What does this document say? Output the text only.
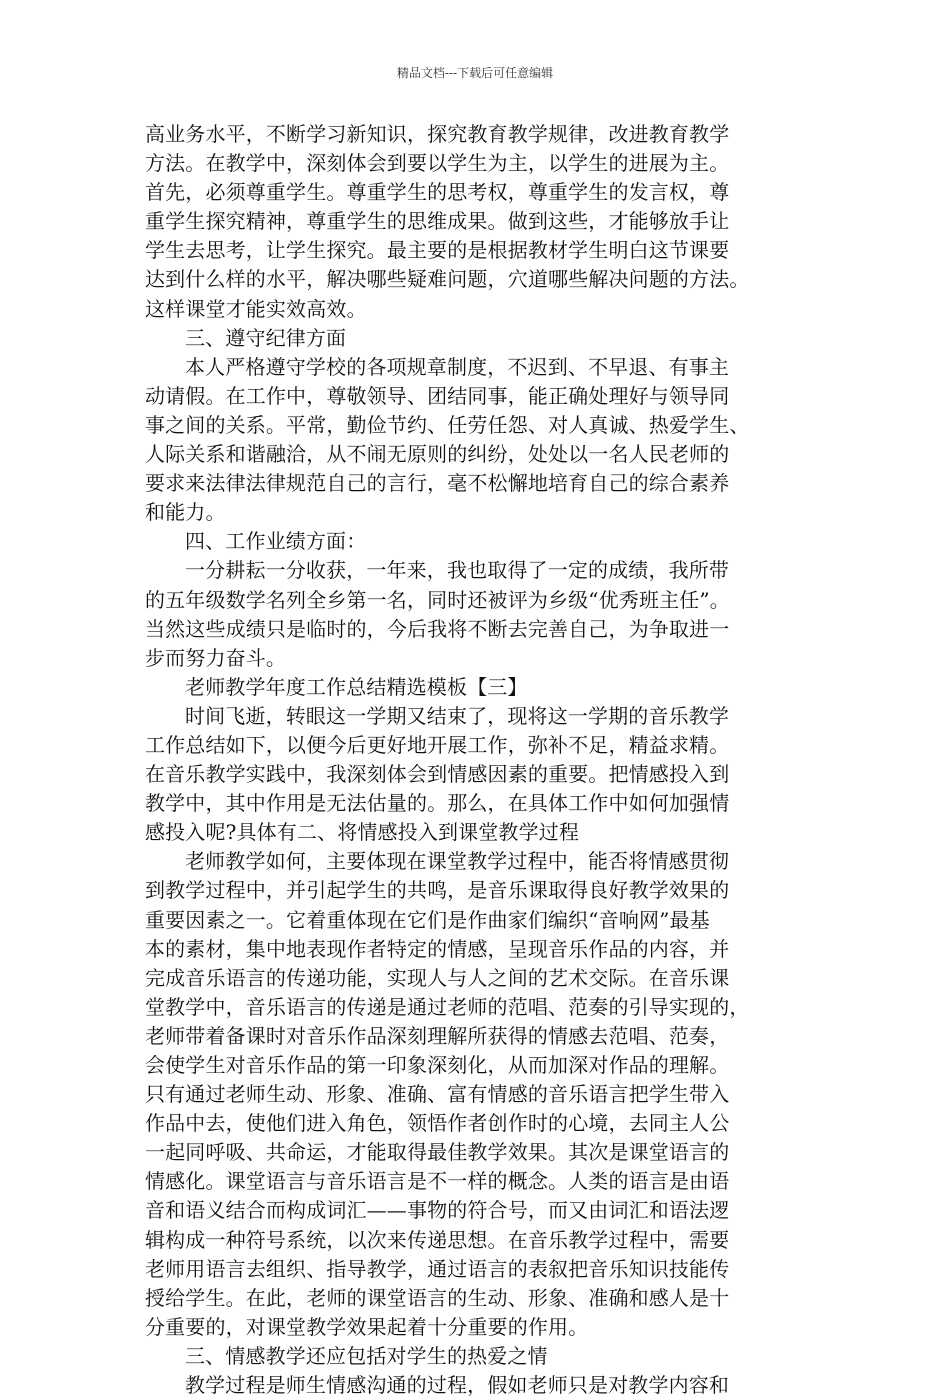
精品文档---下载后可任意编辑
高业务水平，不断学习新知识，探究教育教学规律，改进教育教学
方法。在教学中，深刻体会到要以学生为主，以学生的进展为主。
首先，必须尊重学生。尊重学生的思考权，尊重学生的发言权，尊
重学生探究精神，尊重学生的思维成果。做到这些，才能够放手让
学生去思考，让学生探究。最主要的是根据教材学生明白这节课要
达到什么样的水平，解决哪些疑难问题，穴道哪些解决问题的方法。
这样课堂才能实效高效。
三、遵守纪律方面
本人严格遵守学校的各项规章制度，不迟到、不早退、有事主
动请假。在工作中，尊敬领导、团结同事，能正确处理好与领导同
事之间的关系。平常，勤俭节约、任劳任怨、对人真诚、热爱学生、
人际关系和谐融洽，从不闹无原则的纠纷，处处以一名人民老师的
要求来法律法律规范自己的言行，毫不松懈地培育自己的综合素养
和能力。
四、工作业绩方面：
一分耕耘一分收获，一年来，我也取得了一定的成绩，我所带
的五年级数学名列全乡第一名，同时还被评为乡级“优秀班主任”。
当然这些成绩只是临时的，今后我将不断去完善自己，为争取进一
步而努力奋斗。
老师教学年度工作总结精选模板【三】
时间飞逝，转眼这一学期又结束了，现将这一学期的音乐教学
工作总结如下，以便今后更好地开展工作，弥补不足，精益求精。
在音乐教学实践中，我深刻体会到情感因素的重要。把情感投入到
教学中，其中作用是无法估量的。那么，在具体工作中如何加强情
感投入呢?具体有二、将情感投入到课堂教学过程
老师教学如何，主要体现在课堂教学过程中，能否将情感贯彻
到教学过程中，并引起学生的共鸣，是音乐课取得良好教学效果的
重要因素之一。它着重体现在它们是作曲家们编织“音响网”最基
本的素材，集中地表现作者特定的情感，呈现音乐作品的内容，并
完成音乐语言的传递功能，实现人与人之间的艺术交际。在音乐课
堂教学中，音乐语言的传递是通过老师的范唱、范奏的引导实现的，
老师带着备课时对音乐作品深刻理解所获得的情感去范唱、范奏，
会使学生对音乐作品的第一印象深刻化，从而加深对作品的理解。
只有通过老师生动、形象、准确、富有情感的音乐语言把学生带入
作品中去，使他们进入角色，领悟作者创作时的心境，去同主人公
一起同呼吸、共命运，才能取得最佳教学效果。其次是课堂语言的
情感化。课堂语言与音乐语言是不一样的概念。人类的语言是由语
音和语义结合而构成词汇——事物的符合号，而又由词汇和语法逻
辑构成一种符号系统，以次来传递思想。在音乐教学过程中，需要
老师用语言去组织、指导教学，通过语言的表叙把音乐知识技能传
授给学生。在此，老师的课堂语言的生动、形象、准确和感人是十
分重要的，对课堂教学效果起着十分重要的作用。
三、情感教学还应包括对学生的热爱之情
教学过程是师生情感沟通的过程，假如老师只是对教学内容和
